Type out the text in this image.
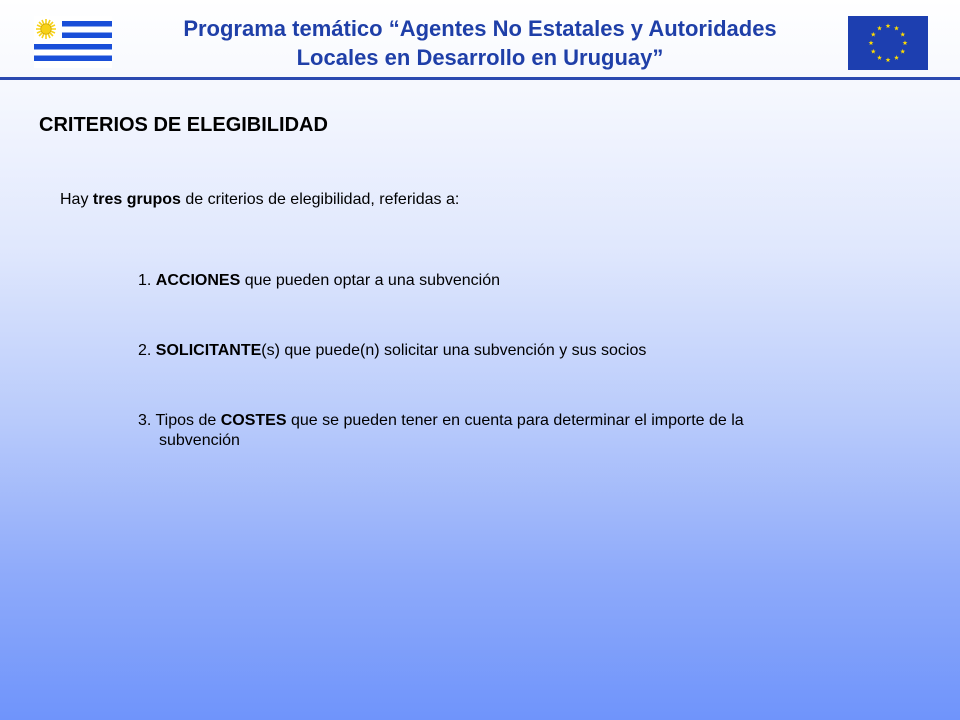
Programa temático “Agentes No Estatales y Autoridades
Locales en Desarrollo en Uruguay”
CRITERIOS DE ELEGIBILIDAD
Hay tres grupos de criterios de elegibilidad, referidas a:
1. ACCIONES que pueden optar a una subvención
2. SOLICITANTE(s) que puede(n) solicitar una subvención y sus socios
3. Tipos de COSTES que se pueden tener en cuenta para determinar el importe de la subvención
